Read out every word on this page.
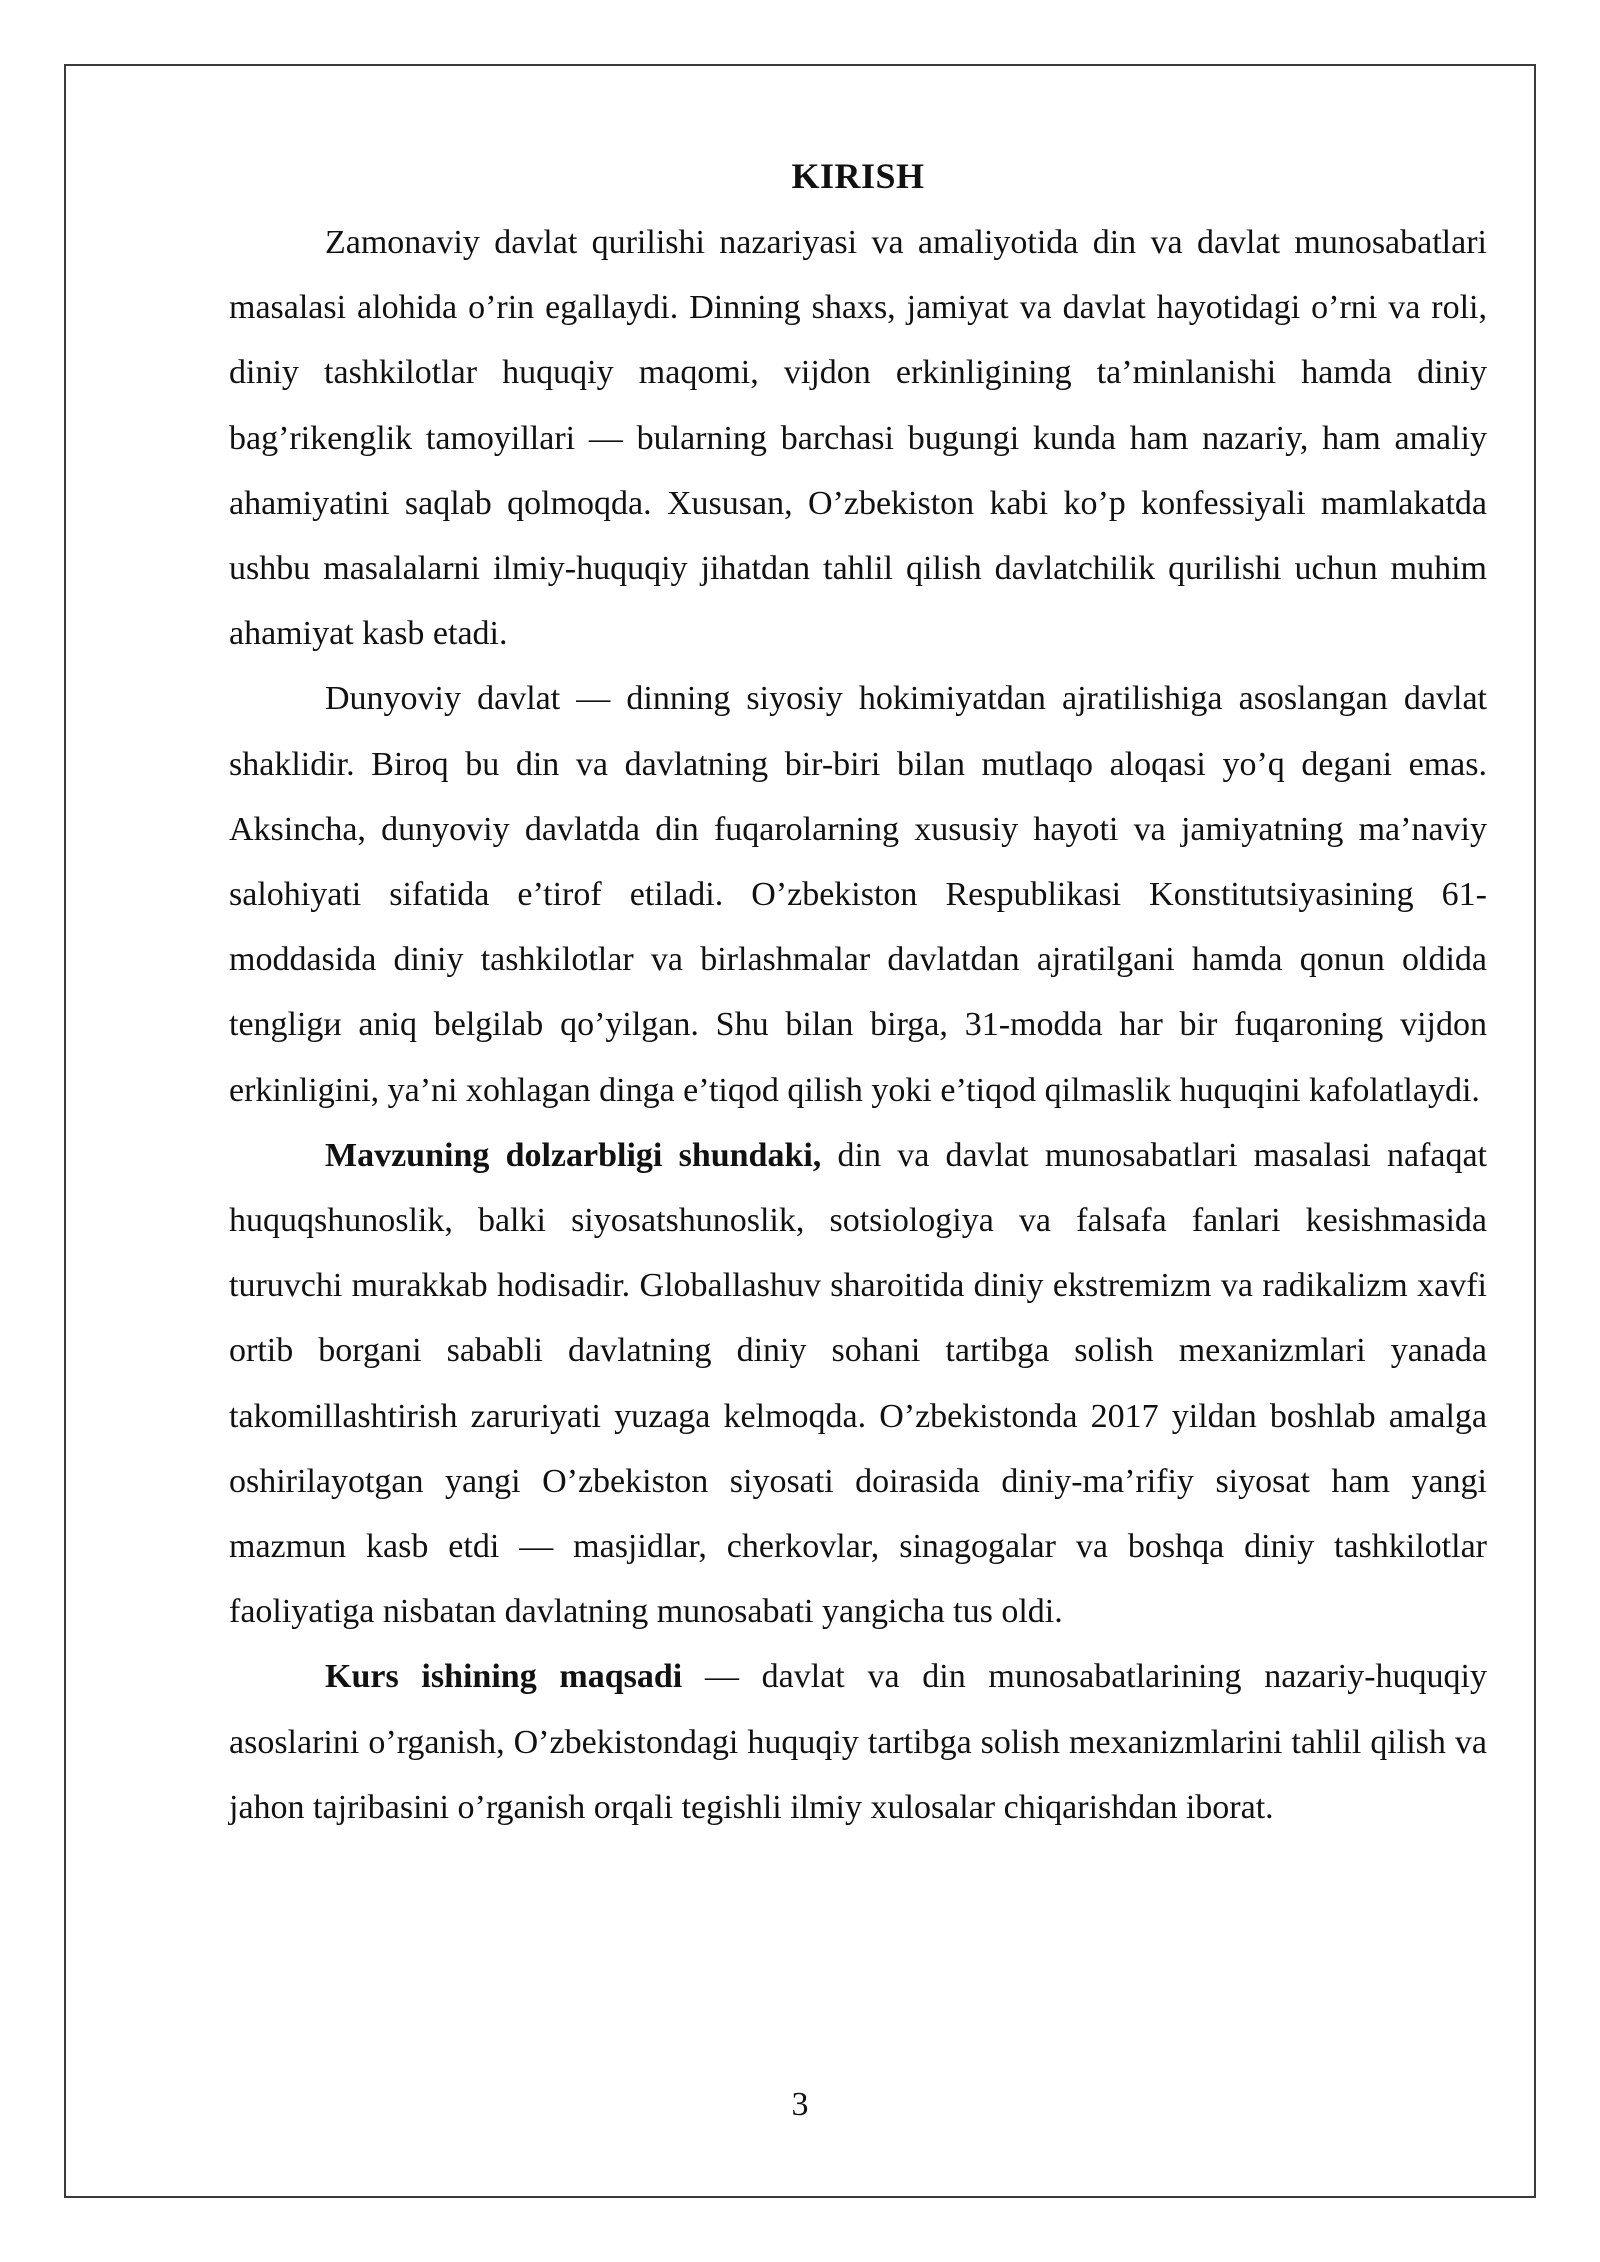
KIRISH

Zamonaviy davlat qurilishi nazariyasi va amaliyotida din va davlat munosabatlari masalasi alohida o’rin egallaydi. Dinning shaxs, jamiyat va davlat hayotidagi o’rni va roli, diniy tashkilotlar huquqiy maqomi, vijdon erkinligining ta’minlanishi hamda diniy bag’rikenglik tamoyillari — bularning barchasi bugungi kunda ham nazariy, ham amaliy ahamiyatini saqlab qolmoqda. Xususan, O’zbekiston kabi ko’p konfessiyali mamlakatda ushbu masalalarni ilmiy-huquqiy jihatdan tahlil qilish davlatchilik qurilishi uchun muhim ahamiyat kasb etadi.

Dunyoviy davlat — dinning siyosiy hokimiyatdan ajratilishiga asoslangan davlat shaklidir. Biroq bu din va davlatning bir-biri bilan mutlaqo aloqasi yo’q degani emas. Aksincha, dunyoviy davlatda din fuqarolarning xususiy hayoti va jamiyatning ma’naviy salohiyati sifatida e’tirof etiladi. O’zbekiston Respublikasi Konstitutsiyasining 61-moddasida diniy tashkilotlar va birlashmalar davlatdan ajratilgani hamda qonun oldida tengligи aniq belgilab qo’yilgan. Shu bilan birga, 31-modda har bir fuqaroning vijdon erkinligini, ya’ni xohlagan dinga e’tiqod qilish yoki e’tiqod qilmaslik huquqini kafolatlaydi.

Mavzuning dolzarbligi shundaki, din va davlat munosabatlari masalasi nafaqat huquqshunoslik, balki siyosatshunoslik, sotsiologiya va falsafa fanlari kesishmasida turuvchi murakkab hodisadir. Globallashuv sharoitida diniy ekstremizm va radikalizm xavfi ortib borgani sababli davlatning diniy sohani tartibga solish mexanizmlari yanada takomillashtirish zaruriyati yuzaga kelmoqda. O’zbekistonda 2017 yildan boshlab amalga oshirilayotgan yangi O’zbekiston siyosati doirasida diniy-ma’rifiy siyosat ham yangi mazmun kasb etdi — masjidlar, cherkovlar, sinagogalar va boshqa diniy tashkilotlar faoliyatiga nisbatan davlatning munosabati yangicha tus oldi.

Kurs ishining maqsadi — davlat va din munosabatlarining nazariy-huquqiy asoslarini o’rganish, O’zbekistondagi huquqiy tartibga solish mexanizmlarini tahlil qilish va jahon tajribasini o’rganish orqali tegishli ilmiy xulosalar chiqarishdan iborat.

3
